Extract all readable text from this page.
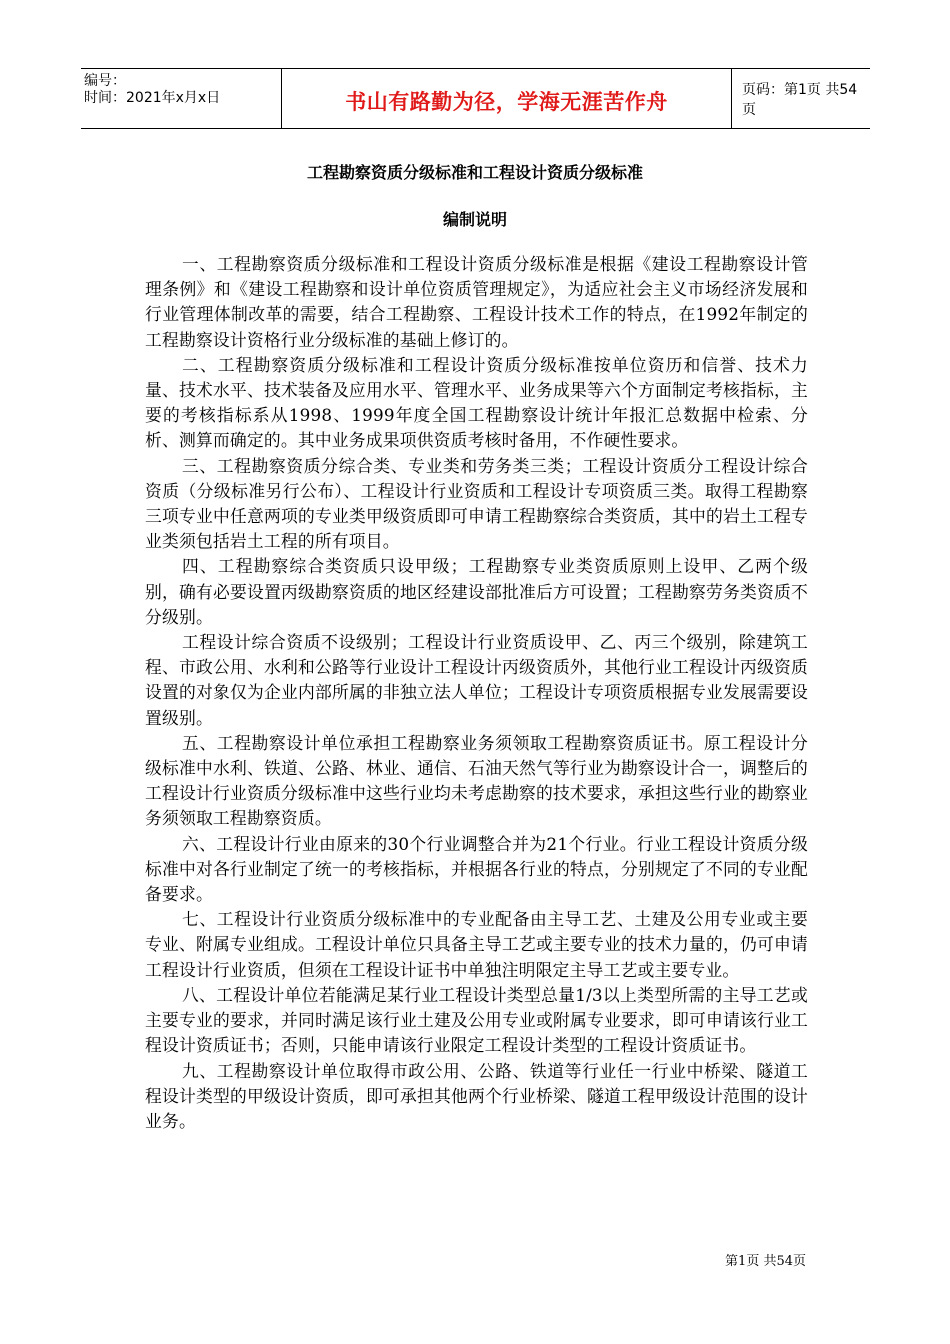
编号：
时间：2021年x月x日	书山有路勤为径，学海无涯苦作舟
页码：第1页 共54页
工程勘察资质分级标准和工程设计资质分级标准
编制说明

一、工程勘察资质分级标准和工程设计资质分级标准是根据《建设工程勘察设计管理条例》和《建设工程勘察和设计单位资质管理规定》，为适应社会主义市场经济发展和行业管理体制改革的需要，结合工程勘察、工程设计技术工作的特点，在1992年制定的工程勘察设计资格行业分级标准的基础上修订的。

二、工程勘察资质分级标准和工程设计资质分级标准按单位资历和信誉、技术力量、技术水平、技术装备及应用水平、管理水平、业务成果等六个方面制定考核指标，主要的考核指标系从1998、1999年度全国工程勘察设计统计年报汇总数据中检索、分析、测算而确定的。其中业务成果项供资质考核时备用，不作硬性要求。

三、工程勘察资质分综合类、专业类和劳务类三类；工程设计资质分工程设计综合资质（分级标准另行公布）、工程设计行业资质和工程设计专项资质三类。取得工程勘察三项专业中任意两项的专业类甲级资质即可申请工程勘察综合类资质，其中的岩土工程专业类须包括岩土工程的所有项目。

四、工程勘察综合类资质只设甲级；工程勘察专业类资质原则上设甲、乙两个级别，确有必要设置丙级勘察资质的地区经建设部批准后方可设置；工程勘察劳务类资质不分级别。

工程设计综合资质不设级别；工程设计行业资质设甲、乙、丙三个级别，除建筑工程、市政公用、水利和公路等行业设计工程设计丙级资质外，其他行业工程设计丙级资质设置的对象仅为企业内部所属的非独立法人单位；工程设计专项资质根据专业发展需要设置级别。

五、工程勘察设计单位承担工程勘察业务须领取工程勘察资质证书。原工程设计分级标准中水利、铁道、公路、林业、通信、石油天然气等行业为勘察设计合一，调整后的工程设计行业资质分级标准中这些行业均未考虑勘察的技术要求，承担这些行业的勘察业务须领取工程勘察资质。

六、工程设计行业由原来的30个行业调整合并为21个行业。行业工程设计资质分级标准中对各行业制定了统一的考核指标，并根据各行业的特点，分别规定了不同的专业配备要求。

七、工程设计行业资质分级标准中的专业配备由主导工艺、土建及公用专业或主要专业、附属专业组成。工程设计单位只具备主导工艺或主要专业的技术力量的，仍可申请工程设计行业资质，但须在工程设计证书中单独注明限定主导工艺或主要专业。

八、工程设计单位若能满足某行业工程设计类型总量1/3以上类型所需的主导工艺或主要专业的要求，并同时满足该行业土建及公用专业或附属专业要求，即可申请该行业工程设计资质证书；否则，只能申请该行业限定工程设计类型的工程设计资质证书。

九、工程勘察设计单位取得市政公用、公路、铁道等行业任一行业中桥梁、隧道工程设计类型的甲级设计资质，即可承担其他两个行业桥梁、隧道工程甲级设计范围的设计业务。

第1页 共54页
